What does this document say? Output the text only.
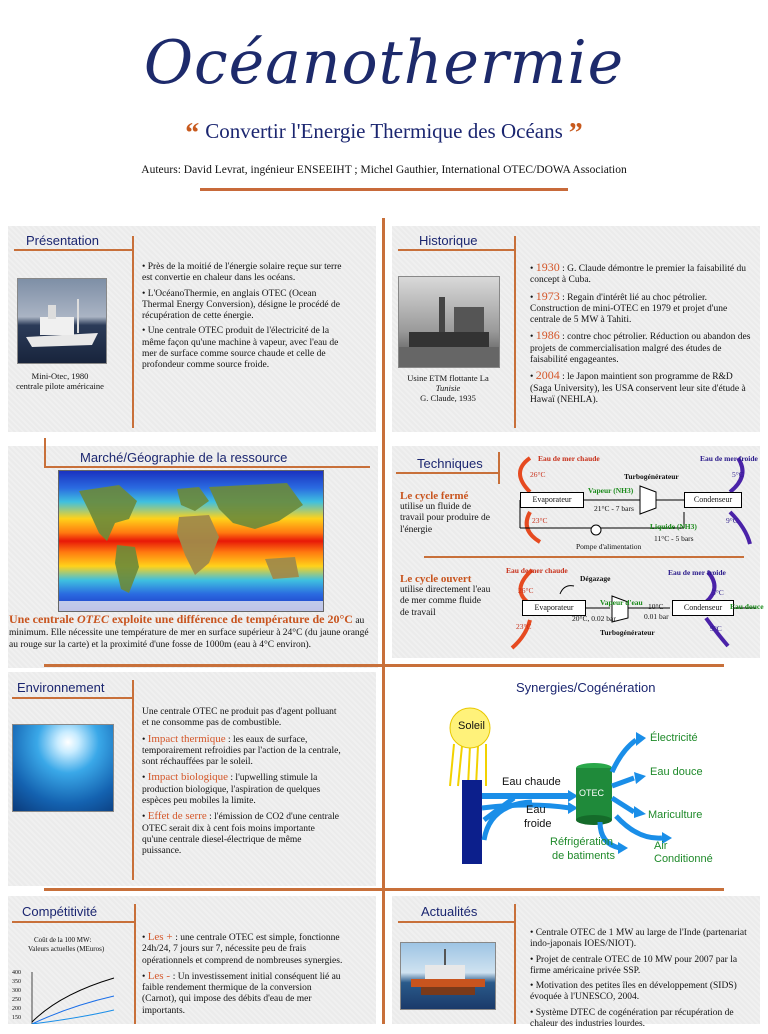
Océanothermie
“ Convertir l'Energie Thermique des Océans ”
Auteurs: David Levrat, ingénieur ENSEEIHT ; Michel Gauthier, International OTEC/DOWA Association
Présentation
Mini-Otec, 1980
centrale pilote américaine

• Près de la moitié de l'énergie solaire reçue sur terre est convertie en chaleur dans les océans.

• L'OcéanoThermie, en anglais OTEC (Ocean Thermal Energy Conversion), désigne le procédé de récupération de cette énergie.

• Une centrale OTEC produit de l'électricité de la même façon qu'une machine à vapeur, avec l'eau de mer de surface comme source chaude et celle de profondeur comme source froide.

Historique
Usine ETM flottante La
Tunisie
G. Claude, 1935

• 1930 : G. Claude démontre le premier la faisabilité du concept à Cuba.

• 1973 : Regain d'intérêt lié au choc pétrolier. Construction de mini-OTEC en 1979 et projet d'une centrale de 5 MW à Tahiti.

• 1986 : contre choc pétrolier. Réduction ou abandon des projets de commercialisation malgré des études de faisabilité engageantes.

• 2004 : le Japon maintient son programme de R&D (Saga University), les USA conservent leur site d'étude à Hawaï (NEHLA).

Marché/Géographie de la ressource
Une centrale OTEC exploite une différence de température de 20°C au minimum. Elle nécessite une température de mer en surface supérieur à 24°C (du jaune orangé au rouge sur la carte) et la proximité d'une fosse de 1000m (eau à 4°C environ).
Techniques
Le cycle fermé
utilise un fluide de travail pour produire de l'énergie
Le cycle ouvert
utilise directement l'eau de mer comme fluide de travail
Evaporateur	Condenseur
Eau de mer chaude	Eau de mer froide
Turbogénérateur
Vapeur (NH3)
21°C - 7 bars
Liquide (NH3)
11°C - 5 bars
Pompe d'alimentation
26°C
23°C
5°C
9°C
Evaporateur	Condenseur
Eau de mer chaude	Eau de mer froide
Dégazage
Vapeur d'eau
20°C, 0.02 bar
10°C
0.01 bar
Turbogénérateur
Eau douce
26°C
23°C
5°C
9°C
Environnement

Une centrale OTEC ne produit pas d'agent polluant et ne consomme pas de combustible.

• Impact thermique : les eaux de surface, temporairement refroidies par l'action de la centrale, sont réchauffées par le soleil.

• Impact biologique : l'upwelling stimule la production biologique, l'aspiration de quelques espèces peu mobiles la limite.

• Effet de serre : l'émission de CO2 d'une centrale OTEC serait dix à cent fois moins importante qu'une centrale diesel-électrique de même puissance.

Synergies/Cogénération
Soleil
Eau chaude
Eau
froide
OTEC
Électricité
Eau douce
Mariculture
Réfrigération
de batiments
Air
Conditionné
Compétitivité
Coût de la 100 MW:
Valeurs actuelles (MEuros)
400
350
300
250
200
150

• Les + : une centrale OTEC est simple, fonctionne 24h/24, 7 jours sur 7, nécessite peu de frais opérationnels et comprend de nombreuses synergies.

• Les - : Un investissement initial conséquent lié au faible rendement thermique de la conversion (Carnot), qui impose des débits d'eau de mer importants.

Actualités

• Centrale OTEC de 1 MW au large de l'Inde (partenariat indo-japonais IOES/NIOT).

• Projet de centrale OTEC de 10 MW pour 2007 par la firme américaine privée SSP.

• Motivation des petites îles en développement (SIDS) évoquée à l'UNESCO, 2004.

• Système DTEC de cogénération par récupération de chaleur des industries lourdes.
